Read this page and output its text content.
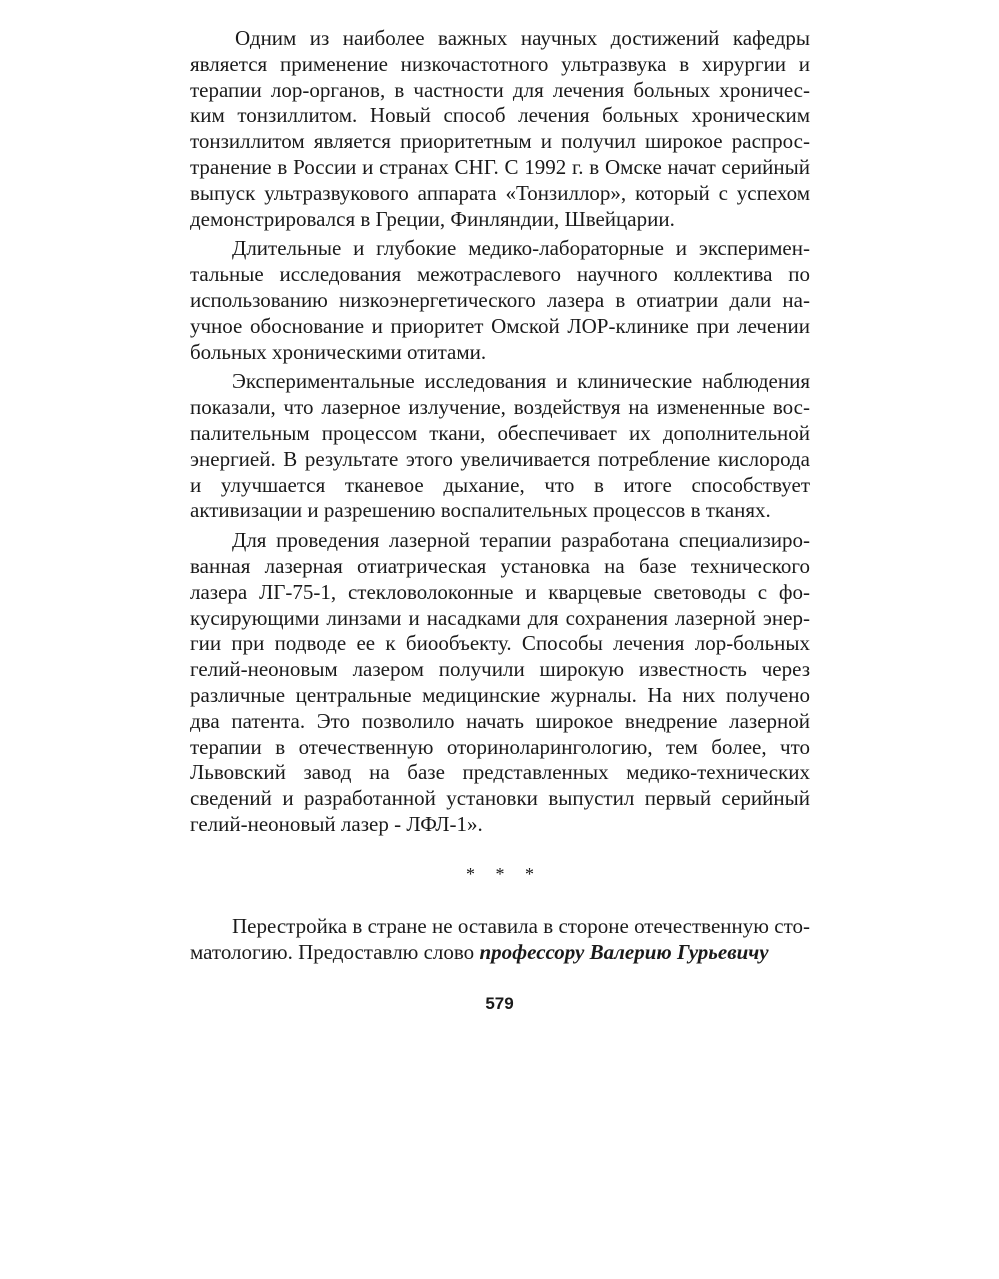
Одним из наиболее важных научных достижений кафедры является применение низкочастотного ультразвука в хирургии и терапии лор-органов, в частности для лечения больных хроническим тонзиллитом. Новый способ лечения больных хроническим тонзиллитом является приоритетным и получил широкое распространение в России и странах СНГ. С 1992 г. в Омске начат серийный выпуск ультразвукового аппарата «Тонзиллор», который с успехом демонстрировался в Греции, Финляндии, Швейцарии.

Длительные и глубокие медико-лабораторные и экспериментальные исследования межотраслевого научного коллектива по использованию низкоэнергетического лазера в отиатрии дали научное обоснование и приоритет Омской ЛОР-клинике при лечении больных хроническими отитами.

Экспериментальные исследования и клинические наблюдения показали, что лазерное излучение, воздействуя на измененные воспалительным процессом ткани, обеспечивает их дополнительной энергией. В результате этого увеличивается потребление кислорода и улучшается тканевое дыхание, что в итоге способствует активизации и разрешению воспалительных процессов в тканях.

Для проведения лазерной терапии разработана специализированная лазерная отиатрическая установка на базе технического лазера ЛГ-75-1, стекловолоконные и кварцевые световоды с фокусирующими линзами и насадками для сохранения лазерной энергии при подводе ее к биообъекту. Способы лечения лор-больных гелий-неоновым лазером получили широкую известность через различные центральные медицинские журналы. На них получено два патента. Это позволило начать широкое внедрение лазерной терапии в отечественную оториноларингологию, тем более, что Львовский завод на базе представленных медико-технических сведений и разработанной установки выпустил первый серийный гелий-неоновый лазер - ЛФЛ-1».

* * *

Перестройка в стране не оставила в стороне отечественную стоматологию. Предоставлю слово профессору Валерию Гурьевичу

579
